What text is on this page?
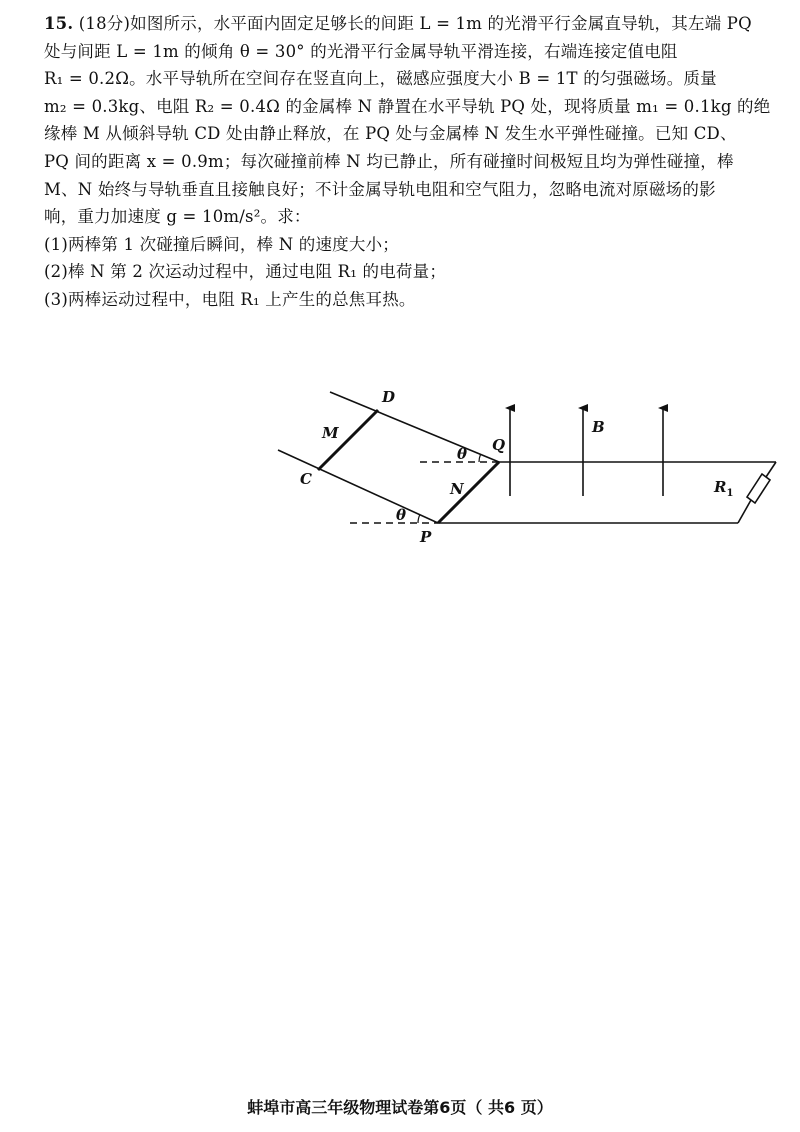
15. (18分)如图所示，水平面内固定足够长的间距 L = 1m 的光滑平行金属直导轨，其左端 PQ
处与间距 L = 1m 的倾角 θ = 30° 的光滑平行金属导轨平滑连接，右端连接定值电阻
R₁ = 0.2Ω。水平导轨所在空间存在竖直向上，磁感应强度大小 B = 1T 的匀强磁场。质量
m₂ = 0.3kg、电阻 R₂ = 0.4Ω 的金属棒 N 静置在水平导轨 PQ 处，现将质量 m₁ = 0.1kg 的绝
缘棒 M 从倾斜导轨 CD 处由静止释放，在 PQ 处与金属棒 N 发生水平弹性碰撞。已知 CD、
PQ 间的距离 x = 0.9m；每次碰撞前棒 N 均已静止，所有碰撞时间极短且均为弹性碰撞，棒
M、N 始终与导轨垂直且接触良好；不计金属导轨电阻和空气阻力，忽略电流对原磁场的影
响，重力加速度 g = 10m/s²。求：
(1)两棒第 1 次碰撞后瞬间，棒 N 的速度大小；
(2)棒 N 第 2 次运动过程中，通过电阻 R₁ 的电荷量；
(3)两棒运动过程中，电阻 R₁ 上产生的总焦耳热。

D
M
C
Q
N
P
B
θ
θ
$R_1$
蚌埠市高三年级物理试卷第6页（ 共6 页）
